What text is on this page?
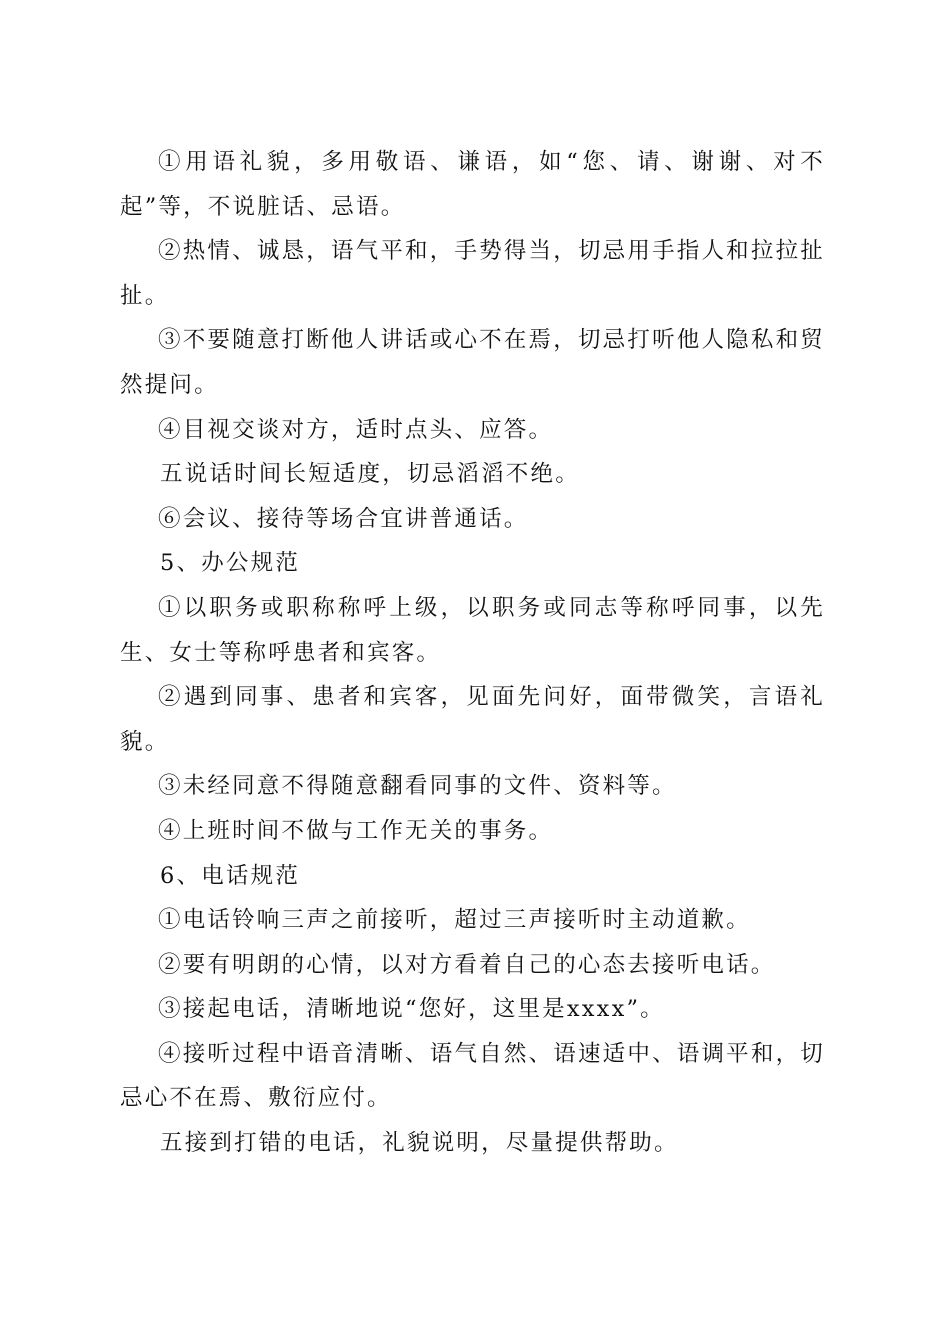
①用语礼貌，多用敬语、谦语，如“您、请、谢谢、对不起”等，不说脏话、忌语。

②热情、诚恳，语气平和，手势得当，切忌用手指人和拉拉扯扯。

③不要随意打断他人讲话或心不在焉，切忌打听他人隐私和贸然提问。

④目视交谈对方，适时点头、应答。

五说话时间长短适度，切忌滔滔不绝。

⑥会议、接待等场合宜讲普通话。

5、办公规范

①以职务或职称称呼上级，以职务或同志等称呼同事，以先生、女士等称呼患者和宾客。

②遇到同事、患者和宾客，见面先问好，面带微笑，言语礼貌。

③未经同意不得随意翻看同事的文件、资料等。

④上班时间不做与工作无关的事务。

6、电话规范

①电话铃响三声之前接听，超过三声接听时主动道歉。

②要有明朗的心情，以对方看着自己的心态去接听电话。

③接起电话，清晰地说“您好，这里是xxxx”。

④接听过程中语音清晰、语气自然、语速适中、语调平和，切忌心不在焉、敷衍应付。

五接到打错的电话，礼貌说明，尽量提供帮助。
